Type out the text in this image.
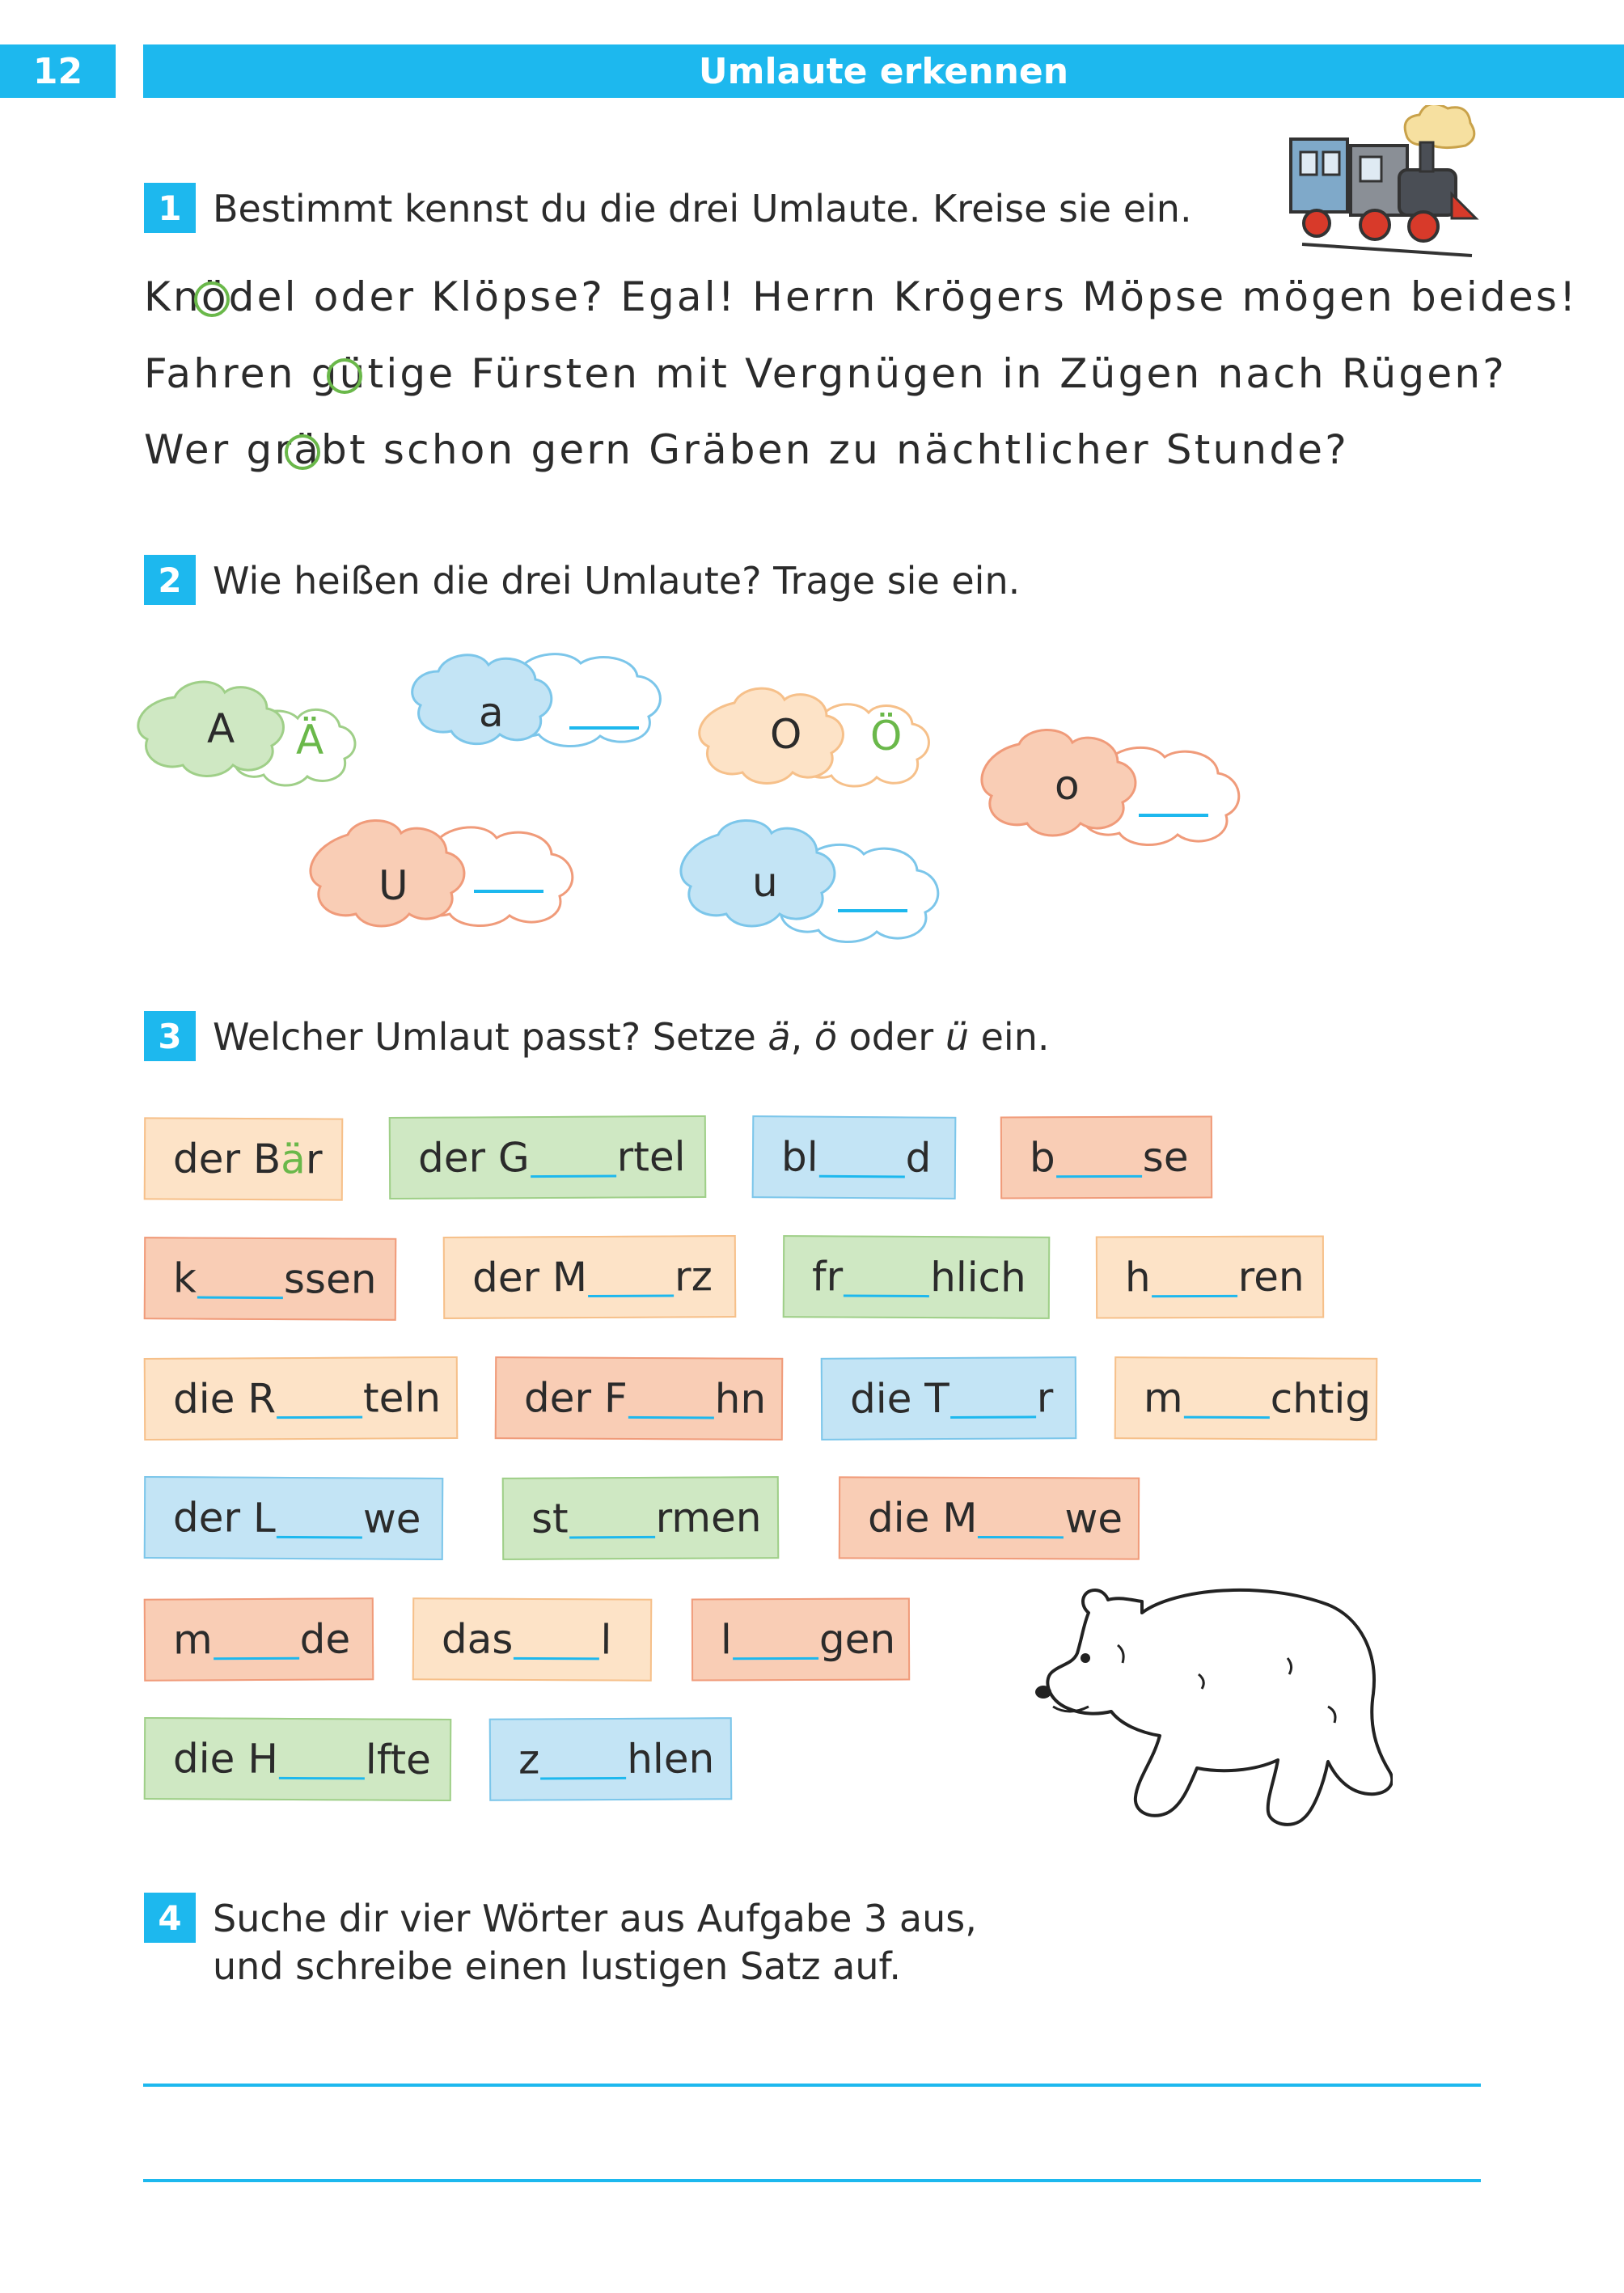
12	Umlaute erkennen
1 Bestimmt kennst du die drei Umlaute. Kreise sie ein.
Knödel oder Klöpse? Egal! Herrn Krögers Möpse mögen beides!
Fahren gütige Fürsten mit Vergnügen in Zügen nach Rügen?
Wer gräbt schon gern Gräben zu nächtlicher Stunde?
2 Wie heißen die drei Umlaute? Trage sie ein.
A Ä
a	O Ö
o
U	u
3 Welcher Umlaut passt? Setze ä, ö oder ü ein.
der B ä r der G rtel bl d b se
k ssen der M rz fr hlich h ren
die R teln der F hn die T r m chtig
der L we	st rmen	die M we
m de das l	l gen
die H lfte z hlen
4 Suche dir vier Wörter aus Aufgabe 3 aus,
und schreibe einen lustigen Satz auf.
